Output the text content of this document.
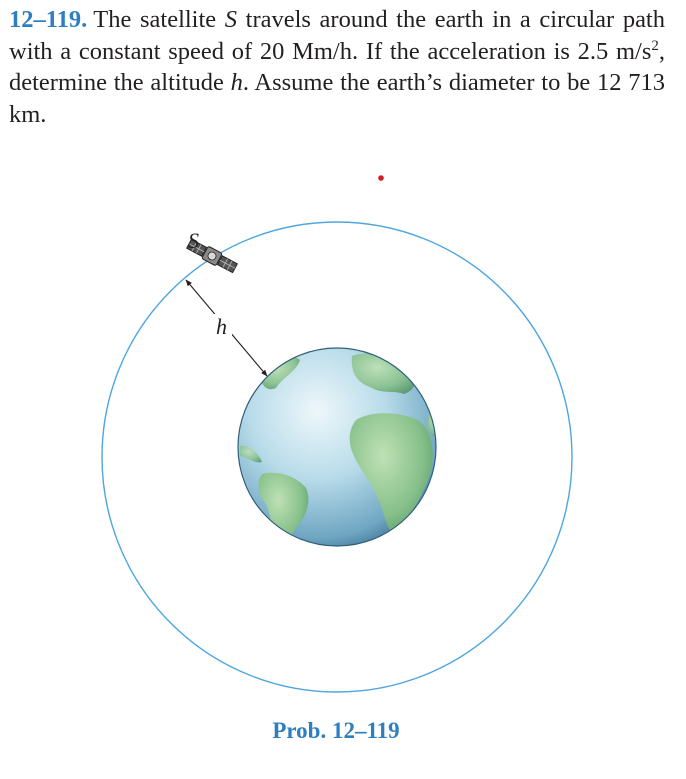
12–119. The satellite S travels around the earth in a circular path with a constant speed of 20 Mm/h. If the acceleration is 2.5 $m/s^2$, determine the altitude h. Assume the earth’s diameter to be 12 713 km.

h
S
Prob. 12–119
